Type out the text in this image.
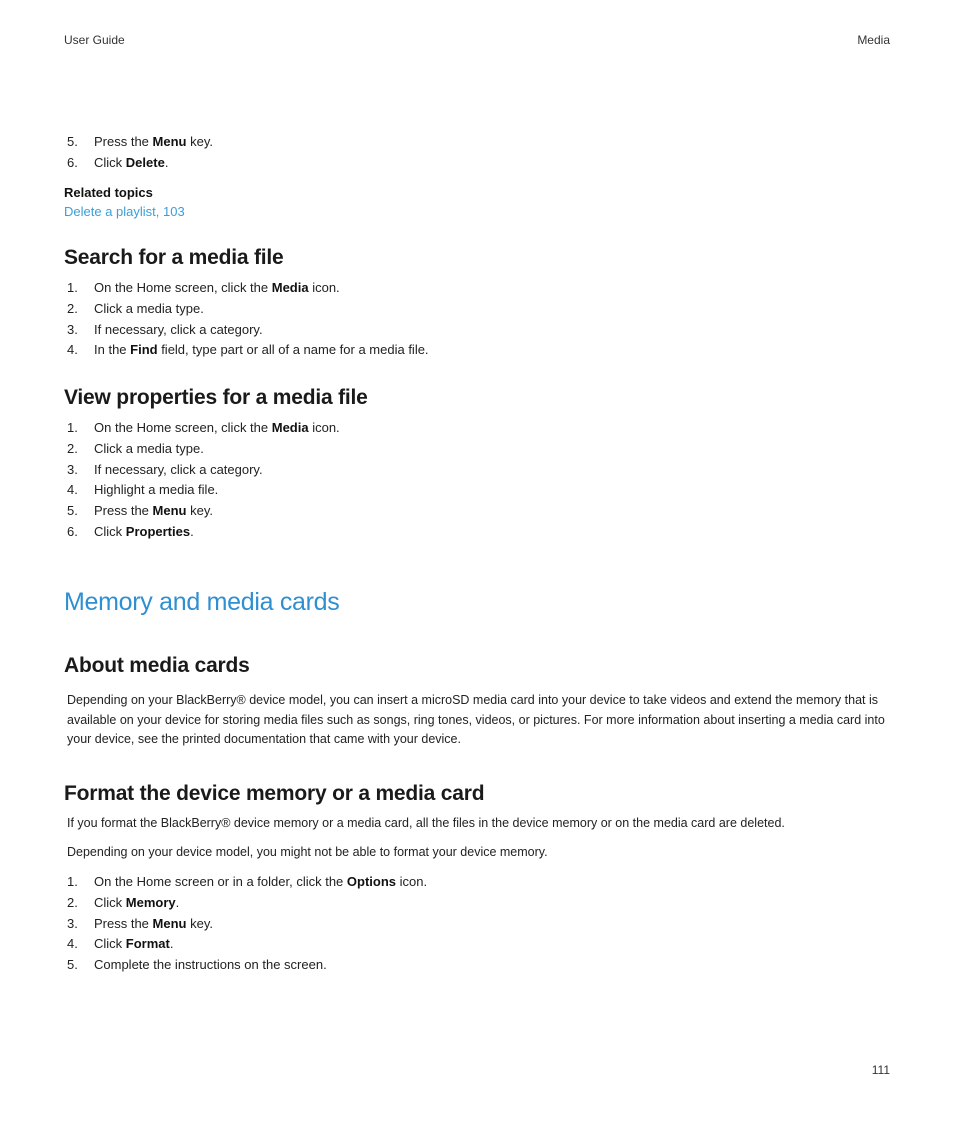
User Guide	Media
5. Press the Menu key.
6. Click Delete.
Related topics
Delete a playlist, 103
Search for a media file
1. On the Home screen, click the Media icon.
2. Click a media type.
3. If necessary, click a category.
4. In the Find field, type part or all of a name for a media file.
View properties for a media file
1. On the Home screen, click the Media icon.
2. Click a media type.
3. If necessary, click a category.
4. Highlight a media file.
5. Press the Menu key.
6. Click Properties.
Memory and media cards
About media cards

Depending on your BlackBerry® device model, you can insert a microSD media card into your device to take videos and extend the memory that is available on your device for storing media files such as songs, ring tones, videos, or pictures. For more information about inserting a media card into your device, see the printed documentation that came with your device.

Format the device memory or a media card

If you format the BlackBerry® device memory or a media card, all the files in the device memory or on the media card are deleted.

Depending on your device model, you might not be able to format your device memory.

1. On the Home screen or in a folder, click the Options icon.
2. Click Memory.
3. Press the Menu key.
4. Click Format.
5. Complete the instructions on the screen.
111
